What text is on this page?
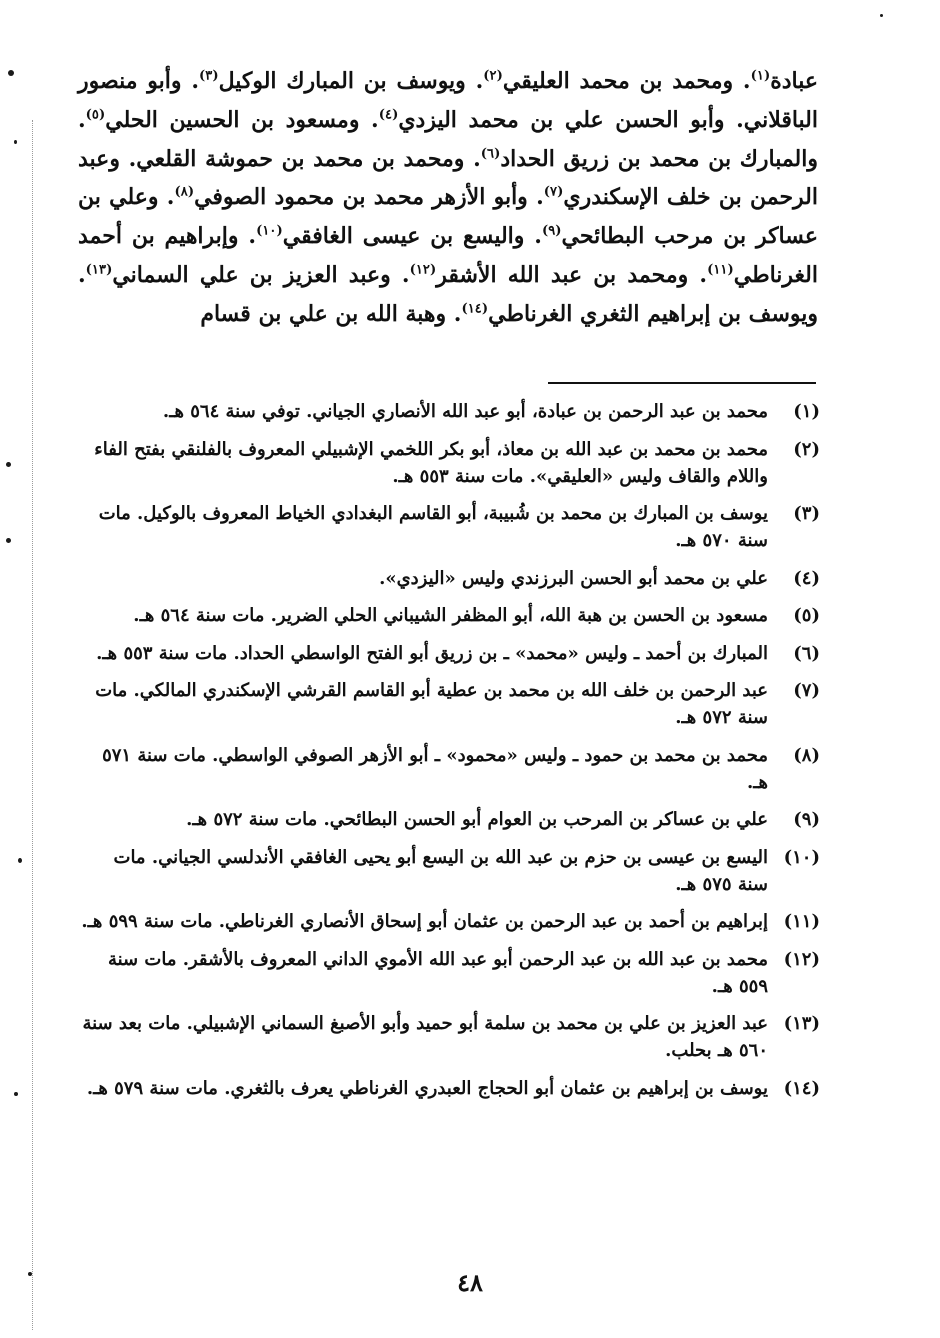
عبادة$^{(١)}$. ومحمد بن محمد العليقي$^{(٢)}$. ويوسف بن المبارك الوكيل$^{(٣)}$. وأبو منصور الباقلاني. وأبو الحسن علي بن محمد اليزدي$^{(٤)}$. ومسعود بن الحسين الحلي$^{(٥)}$. والمبارك بن محمد بن زريق الحداد$^{(٦)}$. ومحمد بن محمد بن حموشة القلعي. وعبد الرحمن بن خلف الإسكندري$^{(٧)}$. وأبو الأزهر محمد بن محمود الصوفي$^{(٨)}$. وعلي بن عساكر بن مرحب البطائحي$^{(٩)}$. واليسع بن عيسى الغافقي$^{(١٠)}$. وإبراهيم بن أحمد الغرناطي$^{(١١)}$. ومحمد بن عبد الله الأشقر$^{(١٢)}$. وعبد العزيز بن علي السماني$^{(١٣)}$. ويوسف بن إبراهيم الثغري الغرناطي$^{(١٤)}$. وهبة الله بن علي بن قسام

(١)
محمد بن عبد الرحمن بن عبادة، أبو عبد الله الأنصاري الجياني. توفي سنة ٥٦٤ هـ.
(٢)
محمد بن محمد بن عبد الله بن معاذ، أبو بكر اللخمي الإشبيلي المعروف بالفلنقي بفتح الفاء واللام والقاف وليس «العليقي». مات سنة ٥٥٣ هـ.
(٣)
يوسف بن المبارك بن محمد بن شُبيبة، أبو القاسم البغدادي الخياط المعروف بالوكيل. مات سنة ٥٧٠ هـ.
(٤)
علي بن محمد أبو الحسن البرزندي وليس «اليزدي».
(٥)
مسعود بن الحسن بن هبة الله، أبو المظفر الشيباني الحلي الضرير. مات سنة ٥٦٤ هـ.
(٦)
المبارك بن أحمد ـ وليس «محمد» ـ بن زريق أبو الفتح الواسطي الحداد. مات سنة ٥٥٣ هـ.
(٧)
عبد الرحمن بن خلف الله بن محمد بن عطية أبو القاسم القرشي الإسكندري المالكي. مات سنة ٥٧٢ هـ.
(٨)
محمد بن محمد بن حمود ـ وليس «محمود» ـ أبو الأزهر الصوفي الواسطي. مات سنة ٥٧١ هـ.
(٩)
علي بن عساكر بن المرحب بن العوام أبو الحسن البطائحي. مات سنة ٥٧٢ هـ.
(١٠)
اليسع بن عيسى بن حزم بن عبد الله بن اليسع أبو يحيى الغافقي الأندلسي الجياني. مات سنة ٥٧٥ هـ.
(١١)
إبراهيم بن أحمد بن عبد الرحمن بن عثمان أبو إسحاق الأنصاري الغرناطي. مات سنة ٥٩٩ هـ.
(١٢)
محمد بن عبد الله بن عبد الرحمن أبو عبد الله الأموي الداني المعروف بالأشقر. مات سنة ٥٥٩ هـ.
(١٣)
عبد العزيز بن علي بن محمد بن سلمة أبو حميد وأبو الأصبغ السماني الإشبيلي. مات بعد سنة ٥٦٠ هـ بحلب.
(١٤)
يوسف بن إبراهيم بن عثمان أبو الحجاج العبدري الغرناطي يعرف بالثغري. مات سنة ٥٧٩ هـ.
٤٨
